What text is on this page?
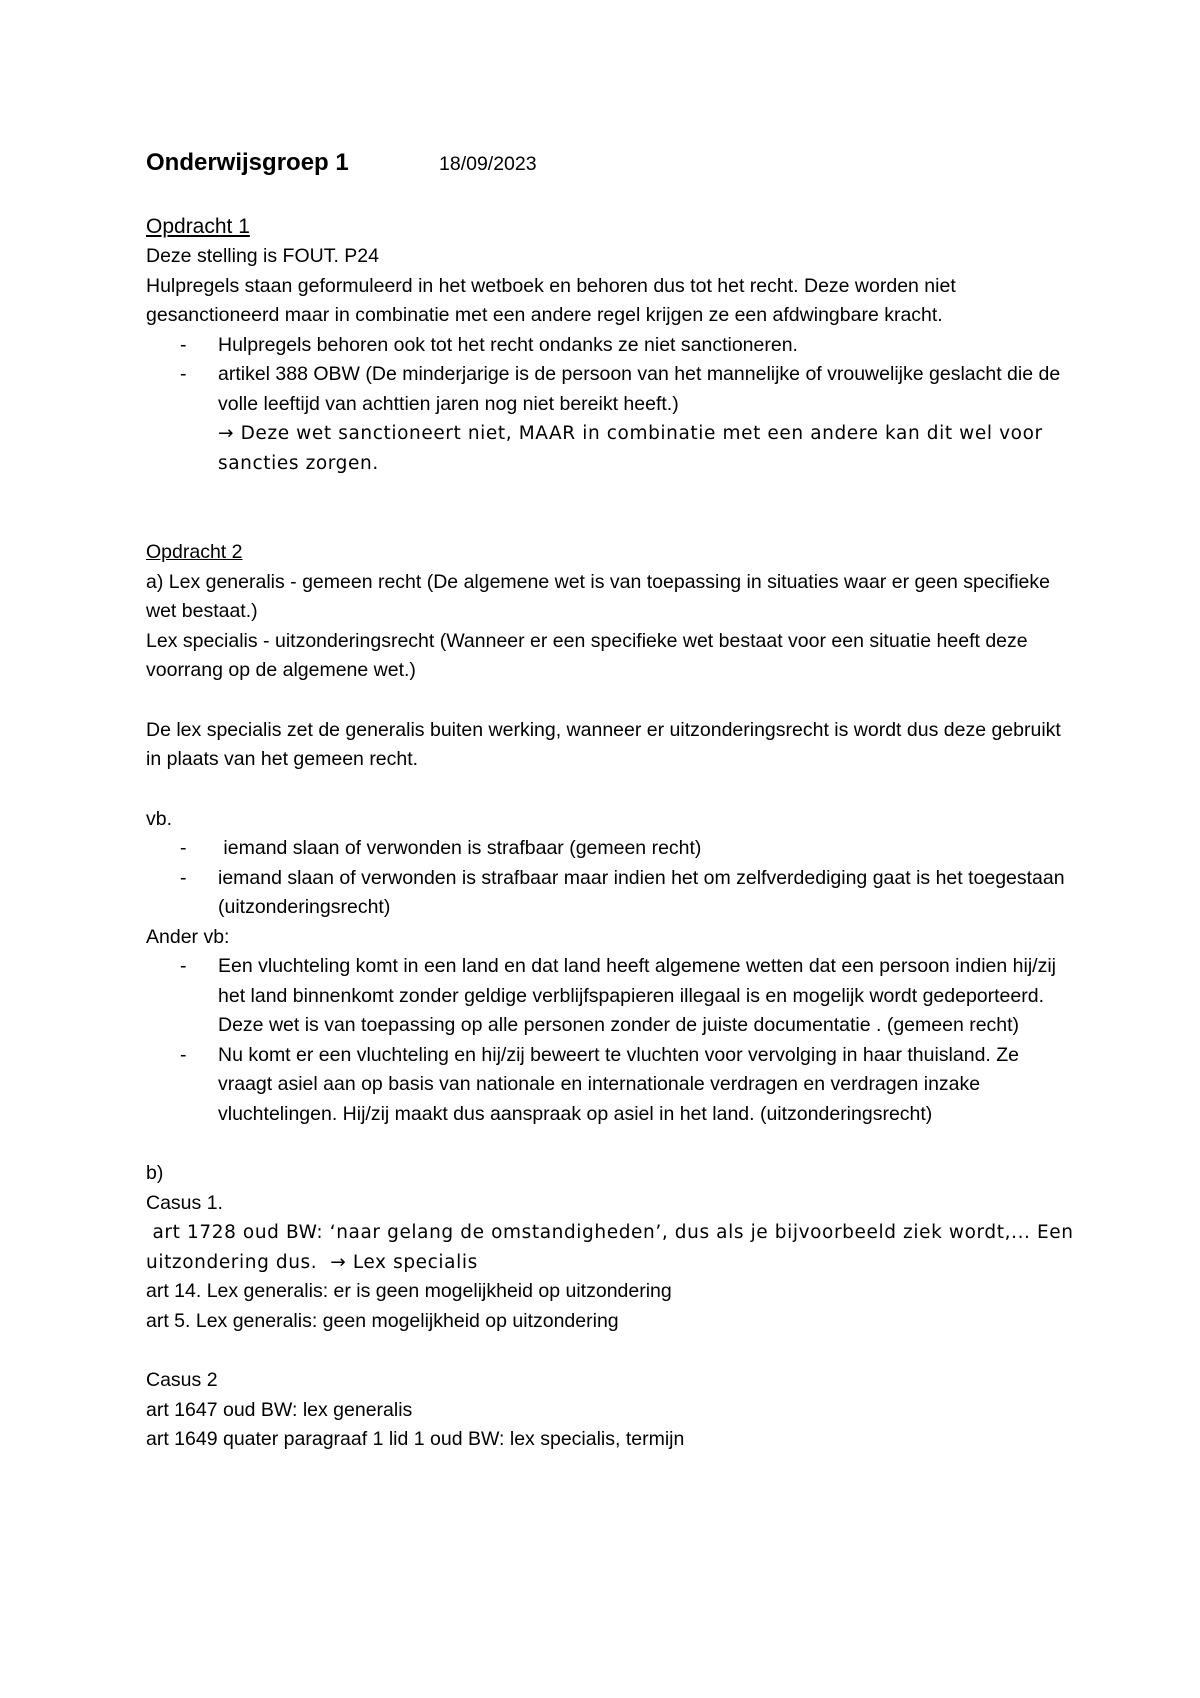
Onderwijsgroep 1	18/09/2023

Opdracht 1

Deze stelling is FOUT. P24

Hulpregels staan geformuleerd in het wetboek en behoren dus tot het recht. Deze worden niet gesanctioneerd maar in combinatie met een andere regel krijgen ze een afdwingbare kracht.

- Hulpregels behoren ook tot het recht ondanks ze niet sanctioneren.
- artikel 388 OBW (De minderjarige is de persoon van het mannelijke of vrouwelijke geslacht die de volle leeftijd van achttien jaren nog niet bereikt heeft.)
→ Deze wet sanctioneert niet, MAAR in combinatie met een andere kan dit wel voor sancties zorgen.

Opdracht 2

a) Lex generalis - gemeen recht (De algemene wet is van toepassing in situaties waar er geen specifieke wet bestaat.)

Lex specialis - uitzonderingsrecht (Wanneer er een specifieke wet bestaat voor een situatie heeft deze voorrang op de algemene wet.)

De lex specialis zet de generalis buiten werking, wanneer er uitzonderingsrecht is wordt dus deze gebruikt in plaats van het gemeen recht.

vb.

-  iemand slaan of verwonden is strafbaar (gemeen recht)
- iemand slaan of verwonden is strafbaar maar indien het om zelfverdediging gaat is het toegestaan (uitzonderingsrecht)

Ander vb:

- Een vluchteling komt in een land en dat land heeft algemene wetten dat een persoon indien hij/zij het land binnenkomt zonder geldige verblijfspapieren illegaal is en mogelijk wordt gedeporteerd. Deze wet is van toepassing op alle personen zonder de juiste documentatie . (gemeen recht)
- Nu komt er een vluchteling en hij/zij beweert te vluchten voor vervolging in haar thuisland. Ze vraagt asiel aan op basis van nationale en internationale verdragen en verdragen inzake vluchtelingen. Hij/zij maakt dus aanspraak op asiel in het land. (uitzonderingsrecht)

b)

Casus 1.

art 1728 oud BW: ‘naar gelang de omstandigheden’, dus als je bijvoorbeeld ziek wordt,... Een uitzondering dus.  → Lex specialis

art 14. Lex generalis: er is geen mogelijkheid op uitzondering

art 5. Lex generalis: geen mogelijkheid op uitzondering

Casus 2

art 1647 oud BW: lex generalis

art 1649 quater paragraaf 1 lid 1 oud BW: lex specialis, termijn
